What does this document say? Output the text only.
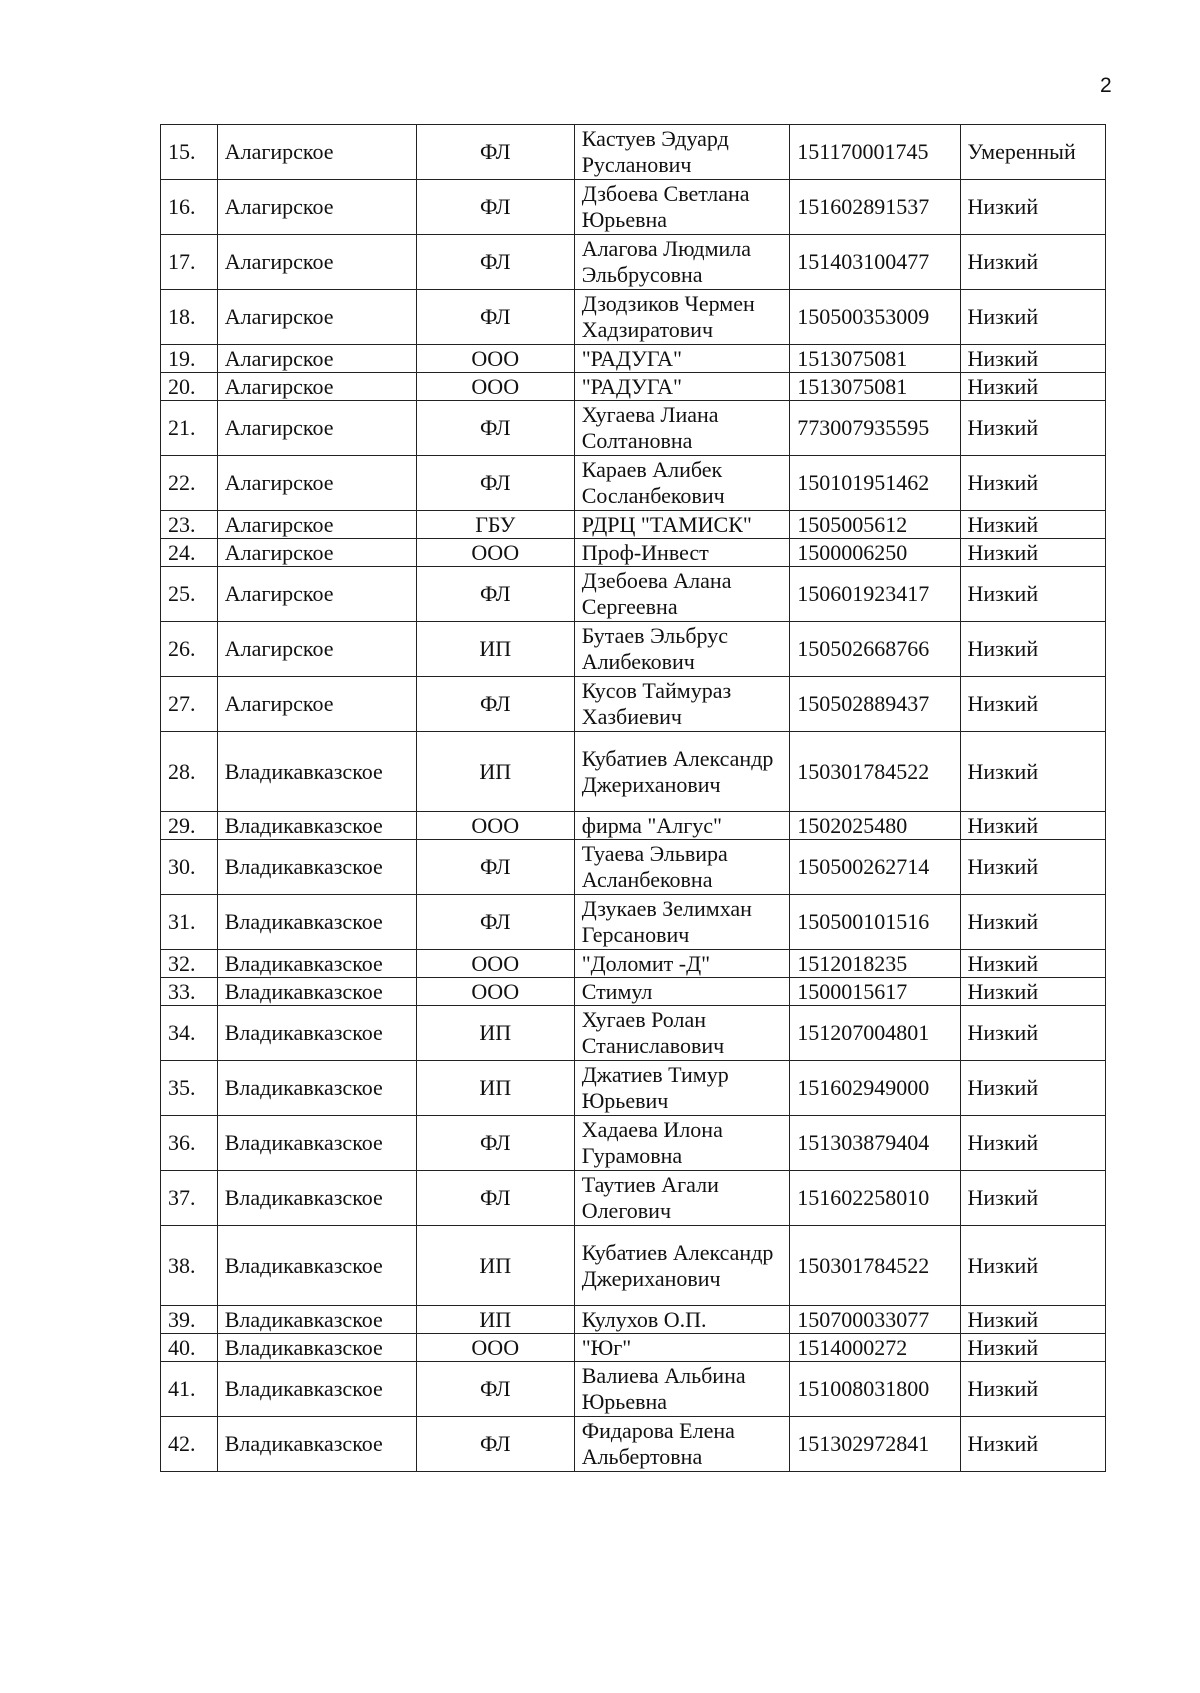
2
15.	Алагирское	ФЛ	Кастуев Эдуард Русланович	151170001745	Умеренный
16.	Алагирское	ФЛ	Дзбоева Светлана Юрьевна	151602891537	Низкий
17.	Алагирское	ФЛ	Алагова Людмила Эльбрусовна	151403100477	Низкий
18.	Алагирское	ФЛ	Дзодзиков Чермен Хадзиратович	150500353009	Низкий
19.	Алагирское	ООО	"РАДУГА"	1513075081	Низкий
20.	Алагирское	ООО	"РАДУГА"	1513075081	Низкий
21.	Алагирское	ФЛ	Хугаева Лиана Солтановна	773007935595	Низкий
22.	Алагирское	ФЛ	Караев Алибек Сосланбекович	150101951462	Низкий
23.	Алагирское	ГБУ	РДРЦ "ТАМИСК"	1505005612	Низкий
24.	Алагирское	ООО	Проф-Инвест	1500006250	Низкий
25.	Алагирское	ФЛ	Дзебоева Алана Сергеевна	150601923417	Низкий
26.	Алагирское	ИП	Бутаев Эльбрус Алибекович	150502668766	Низкий
27.	Алагирское	ФЛ	Кусов Таймураз Хазбиевич	150502889437	Низкий
28.	Владикавказское	ИП	Кубатиев Александр Джериханович	150301784522	Низкий
29.	Владикавказское	ООО	фирма "Алгус"	1502025480	Низкий
30.	Владикавказское	ФЛ	Туаева Эльвира Асланбековна	150500262714	Низкий
31.	Владикавказское	ФЛ	Дзукаев Зелимхан Герсанович	150500101516	Низкий
32.	Владикавказское	ООО	"Доломит -Д"	1512018235	Низкий
33.	Владикавказское	ООО	Стимул	1500015617	Низкий
34.	Владикавказское	ИП	Хугаев Ролан Станиславович	151207004801	Низкий
35.	Владикавказское	ИП	Джатиев Тимур Юрьевич	151602949000	Низкий
36.	Владикавказское	ФЛ	Хадаева Илона Гурамовна	151303879404	Низкий
37.	Владикавказское	ФЛ	Таутиев Агали Олегович	151602258010	Низкий
38.	Владикавказское	ИП	Кубатиев Александр Джериханович	150301784522	Низкий
39.	Владикавказское	ИП	Кулухов О.П.	150700033077	Низкий
40.	Владикавказское	ООО	"Юг"	1514000272	Низкий
41.	Владикавказское	ФЛ	Валиева Альбина Юрьевна	151008031800	Низкий
42.	Владикавказское	ФЛ	Фидарова Елена Альбертовна	151302972841	Низкий
